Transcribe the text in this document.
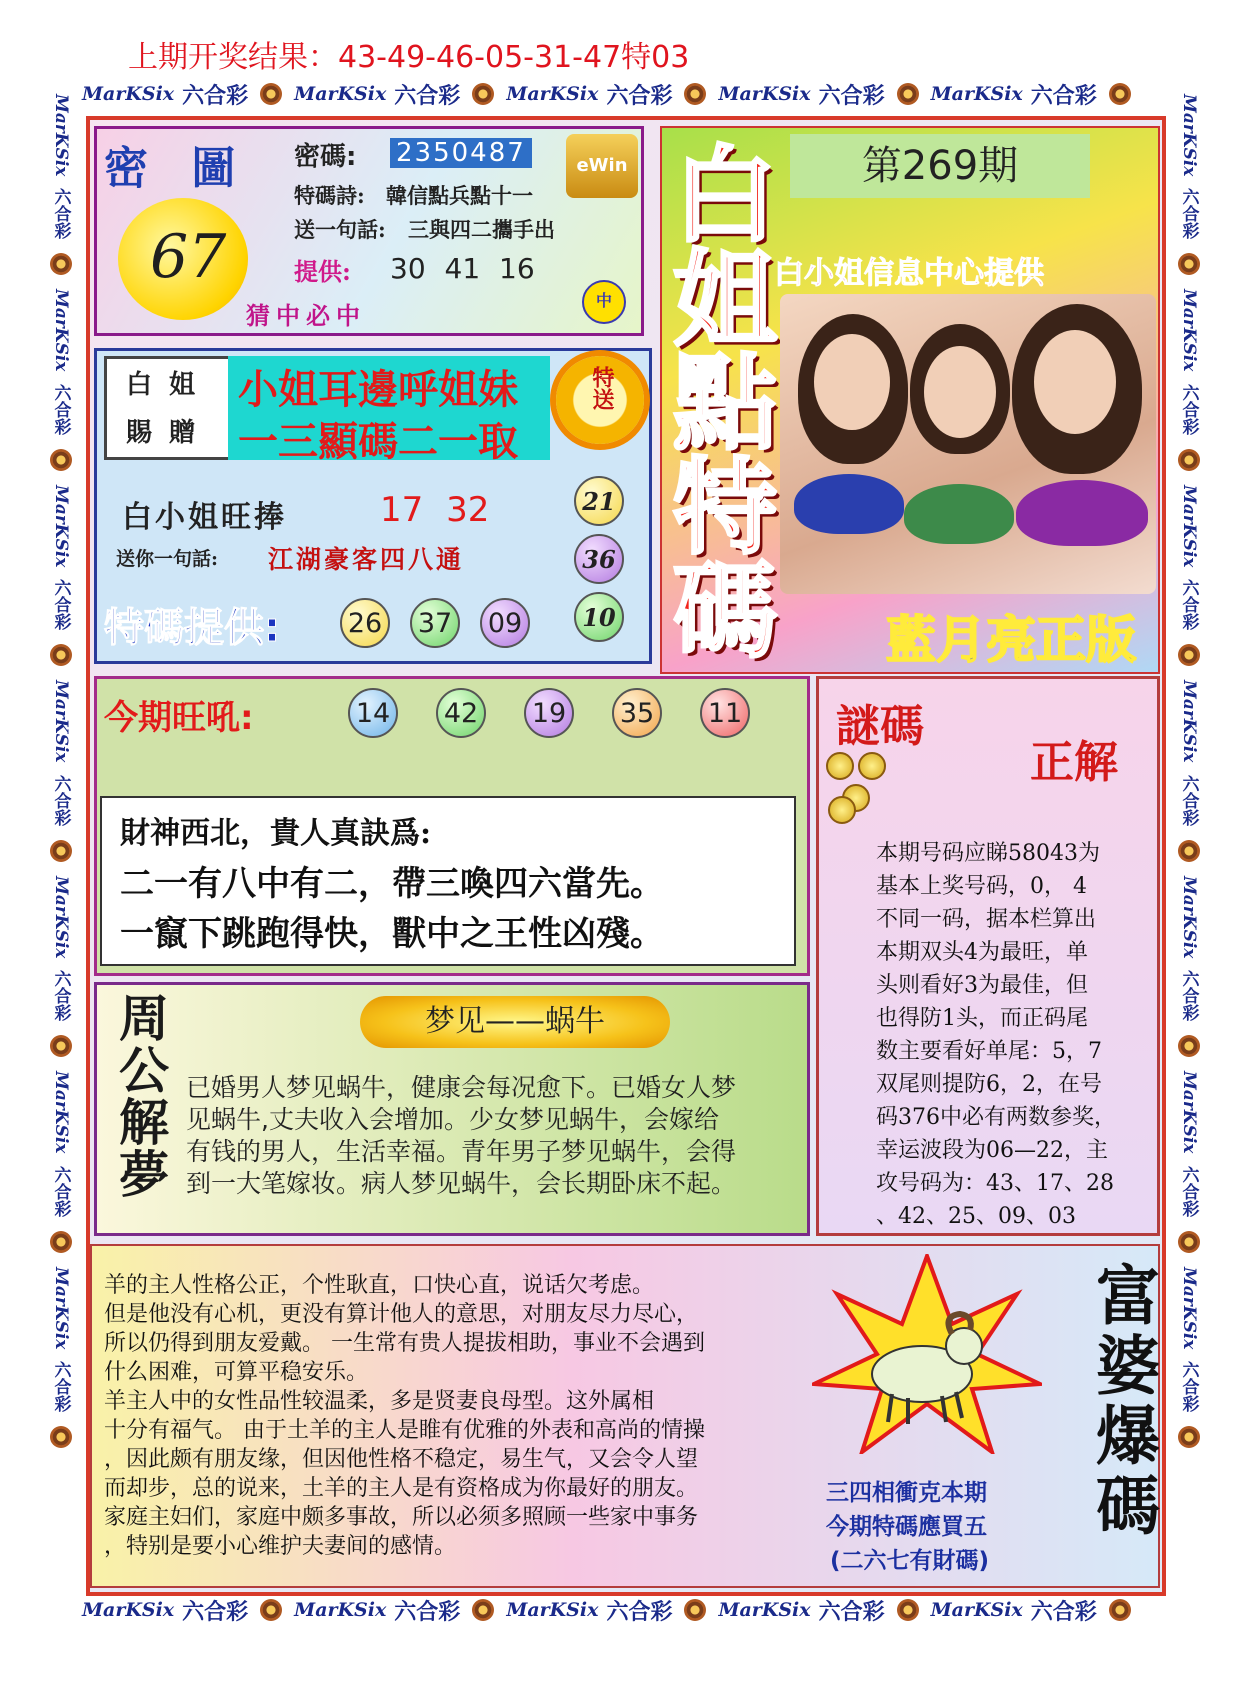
上期开奖结果：43-49-46-05-31-47特03
MarKSix 六合彩 MarKSix 六合彩 MarKSix 六合彩 MarKSix 六合彩 MarKSix 六合彩
MarKSix 六合彩 MarKSix 六合彩 MarKSix 六合彩 MarKSix 六合彩 MarKSix 六合彩
MarKSix
六合彩
MarKSix
六合彩
MarKSix
六合彩
MarKSix
六合彩
MarKSix
六合彩
MarKSix
六合彩
MarKSix
六合彩
MarKSix
六合彩
MarKSix
六合彩
MarKSix
六合彩
MarKSix
六合彩
MarKSix
六合彩
MarKSix
六合彩
MarKSix
六合彩
密 圖
67
猜中必中
密碼: 2350487
特碼詩: 韓信點兵點十一
送一句話: 三與四二攜手出
提供: 30 41 16
eWin
中
白 姐
賜 贈
小姐耳邊呼姐妹
一三顯碼二一取
特送
白小姐旺捧	17 32
送你一句話: 江湖豪客四八通
特碼提供:	26 37 09
21
36
10 白姐點特碼	第269期
白小姐信息中心提供
藍月亮正版
今期旺吼:	14 42 19 35 11
財神西北，貴人真訣爲:
二一有八中有二，帶三喚四六當先。
一竄下跳跑得快，獸中之王性凶殘。
周公解夢	梦见——蜗牛
已婚男人梦见蜗牛，健康会每况愈下。已婚女人梦
见蜗牛,丈夫收入会增加。少女梦见蜗牛，会嫁给
有钱的男人，生活幸福。青年男子梦见蜗牛，会得
到一大笔嫁妆。病人梦见蜗牛，会长期卧床不起。
謎碼
正解
本期号码应睇58043为
基本上奖号码，0， 4
不同一码，据本栏算出
本期双头4为最旺，单
头则看好3为最佳，但
也得防1头，而正码尾
数主要看好单尾：5，7
双尾则提防6，2，在号
码376中必有两数参奖，
幸运波段为06—22，主
攻号码为：43、17、28
、42、25、09、03
羊的主人性格公正，个性耿直，口快心直，说话欠考虑。
但是他没有心机，更没有算计他人的意思，对朋友尽力尽心，
所以仍得到朋友爱戴。 一生常有贵人提拔相助，事业不会遇到
什么困难，可算平稳安乐。
羊主人中的女性品性较温柔，多是贤妻良母型。这外属相
十分有福气。 由于土羊的主人是睢有优雅的外表和高尚的情操
，因此颇有朋友缘，但因他性格不稳定，易生气，又会令人望
而却步，总的说来，土羊的主人是有资格成为你最好的朋友。
家庭主妇们，家庭中颇多事故，所以必须多照顾一些家中事务
，特别是要小心维护夫妻间的感情。
三四相衝克本期
今期特碼應買五
(二六七有財碼)
富婆爆碼
